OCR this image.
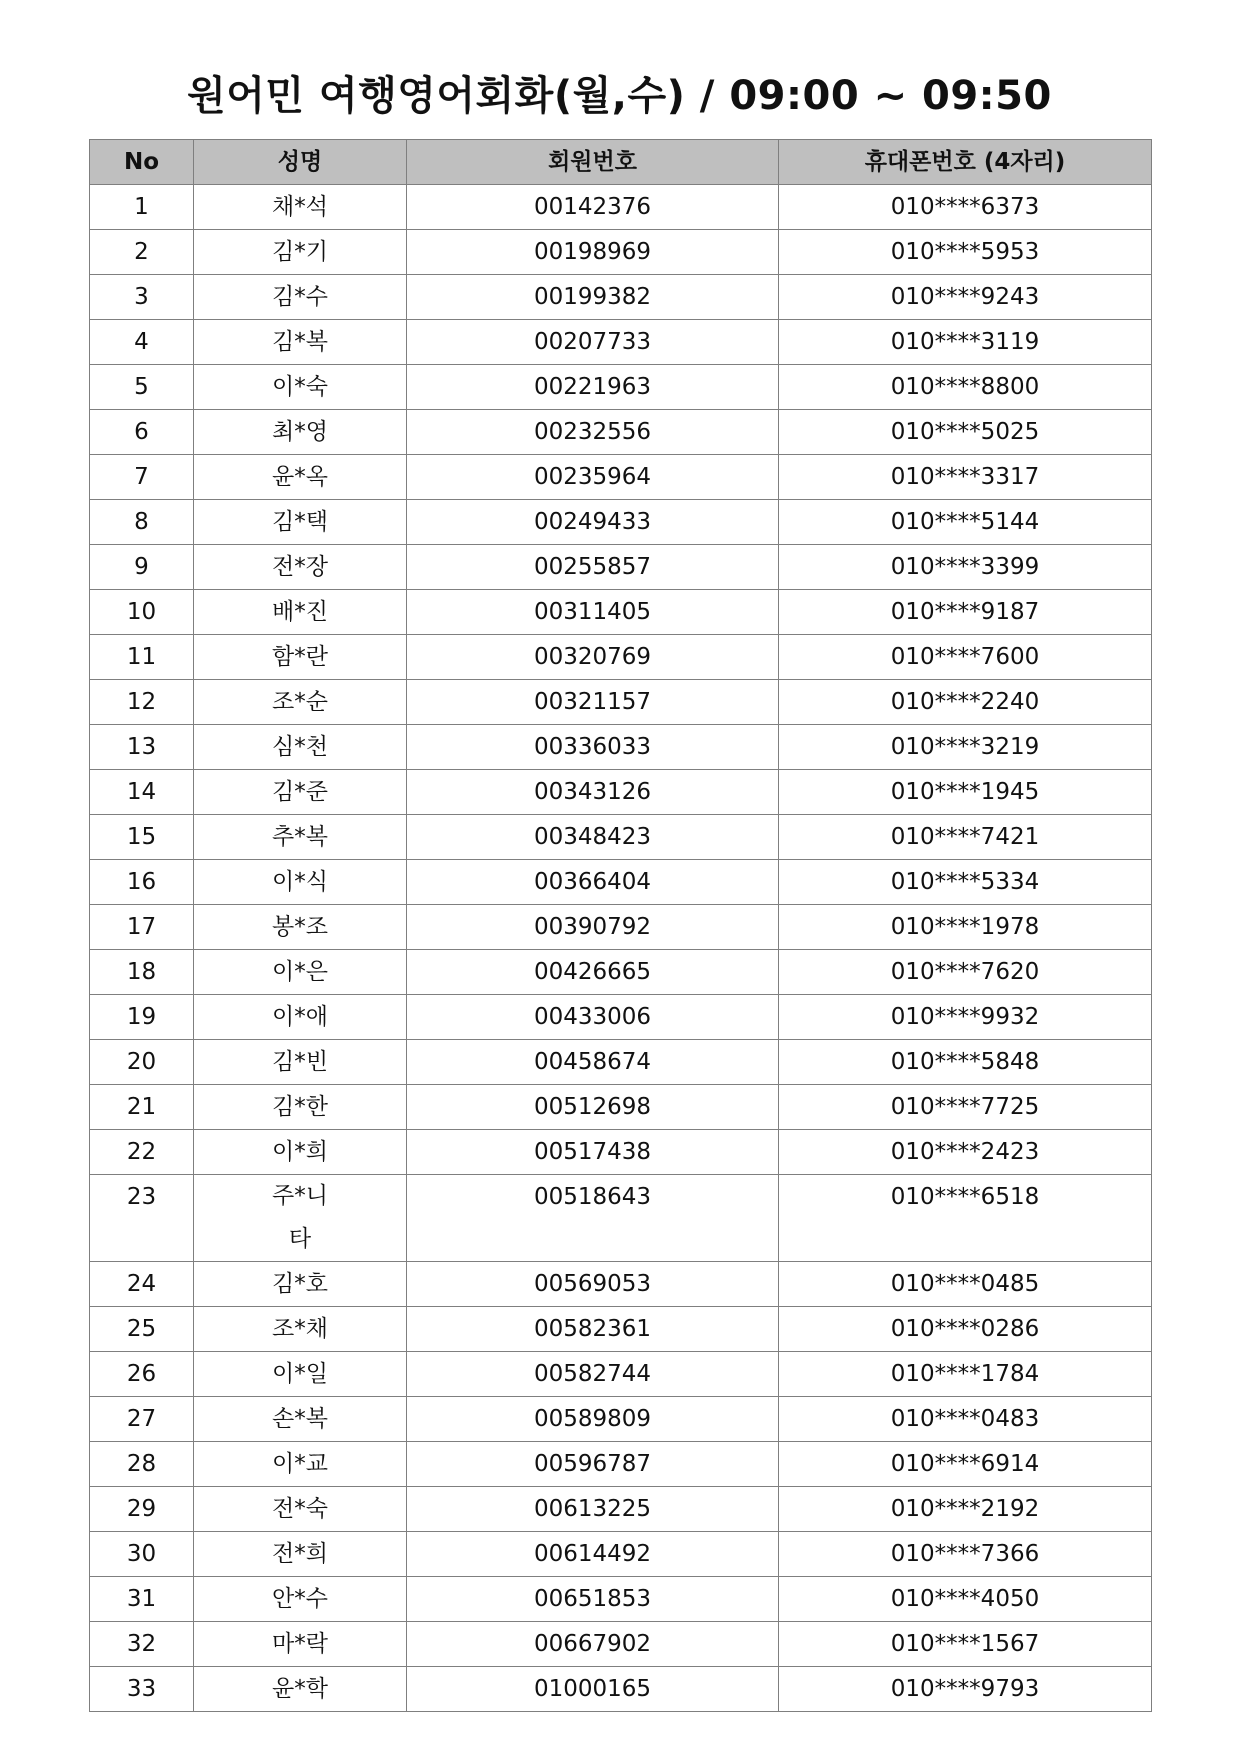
원어민 여행영어회화(월,수) / 09:00 ~ 09:50
No	성명	회원번호	휴대폰번호 (4자리)
1	채*석	00142376	010****6373
2	김*기	00198969	010****5953
3	김*수	00199382	010****9243
4	김*복	00207733	010****3119
5	이*숙	00221963	010****8800
6	최*영	00232556	010****5025
7	윤*옥	00235964	010****3317
8	김*택	00249433	010****5144
9	전*장	00255857	010****3399
10	배*진	00311405	010****9187
11	함*란	00320769	010****7600
12	조*순	00321157	010****2240
13	심*천	00336033	010****3219
14	김*준	00343126	010****1945
15	추*복	00348423	010****7421
16	이*식	00366404	010****5334
17	봉*조	00390792	010****1978
18	이*은	00426665	010****7620
19	이*애	00433006	010****9932
20	김*빈	00458674	010****5848
21	김*한	00512698	010****7725
22	이*희	00517438	010****2423
23	주*니타	00518643	010****6518
24	김*호	00569053	010****0485
25	조*채	00582361	010****0286
26	이*일	00582744	010****1784
27	손*복	00589809	010****0483
28	이*교	00596787	010****6914
29	전*숙	00613225	010****2192
30	전*희	00614492	010****7366
31	안*수	00651853	010****4050
32	마*락	00667902	010****1567
33	윤*학	01000165	010****9793
